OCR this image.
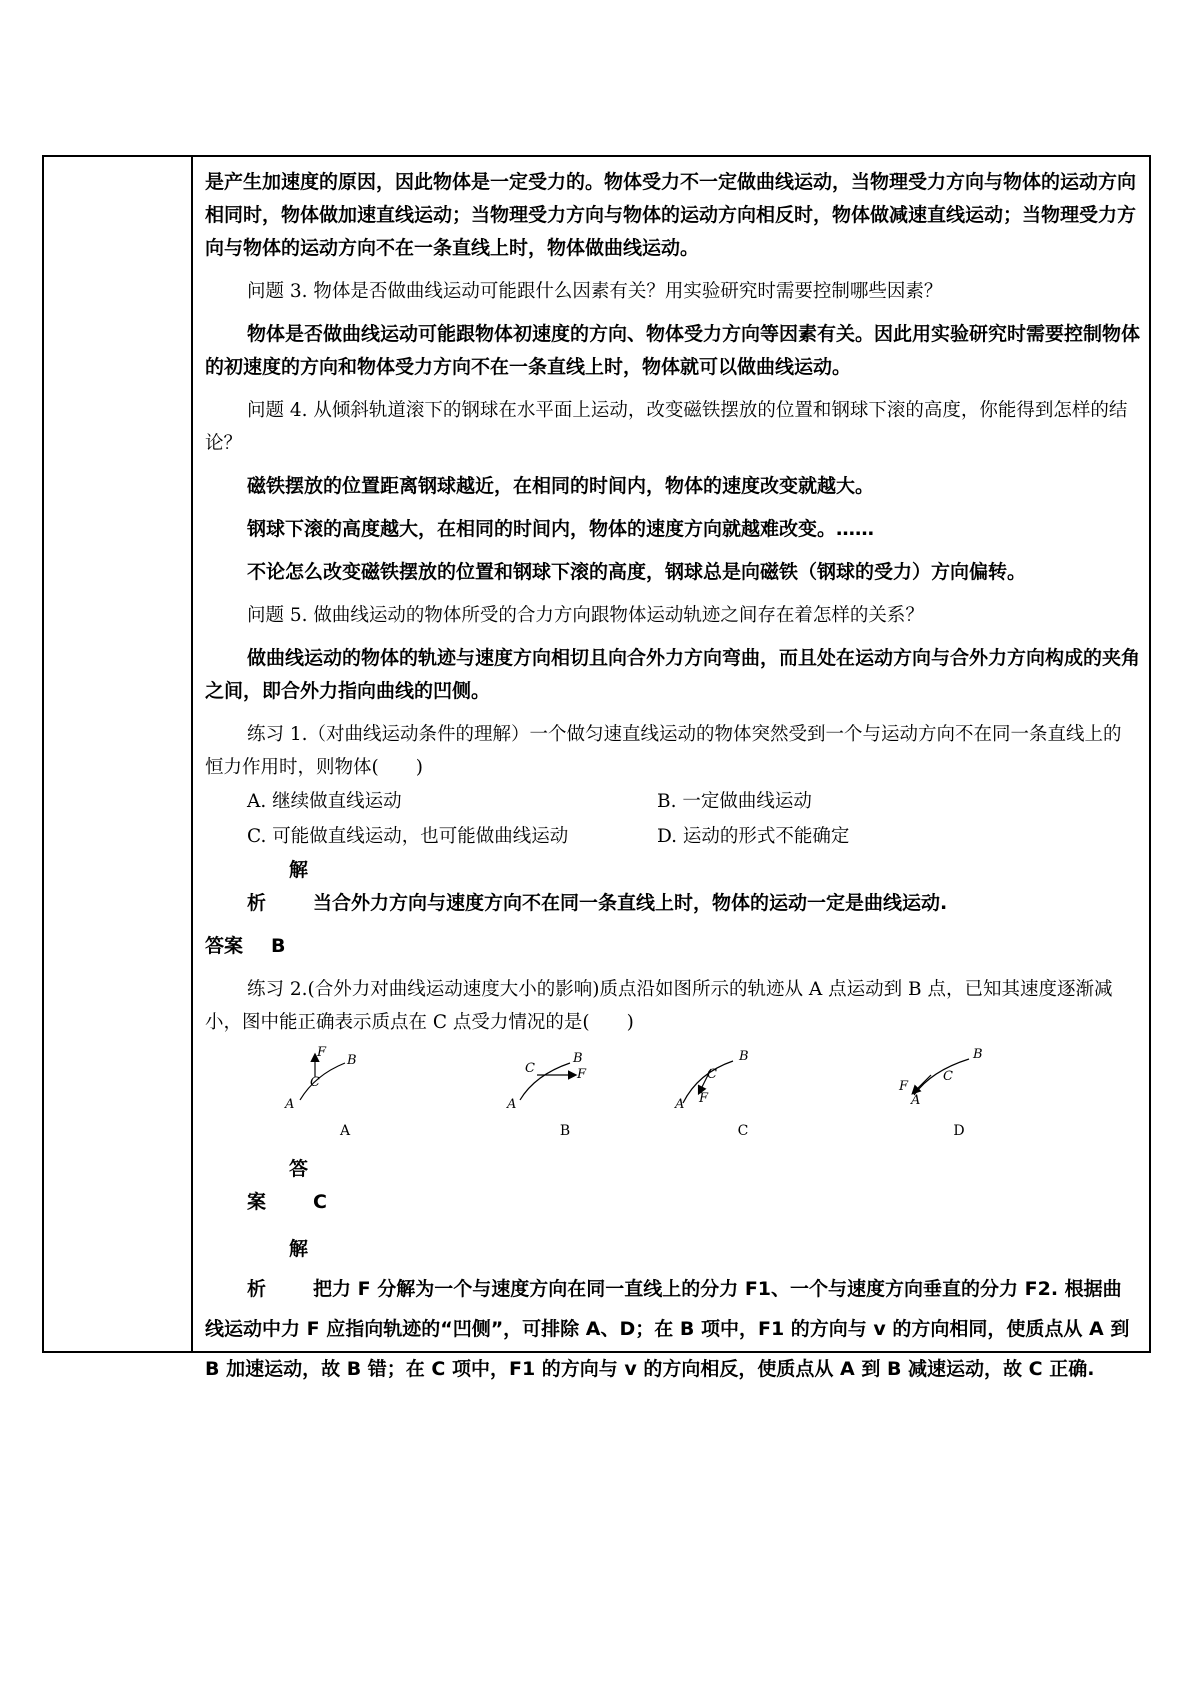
是产生加速度的原因，因此物体是一定受力的。物体受力不一定做曲线运动，当物理受力方向与物体的运动方向相同时，物体做加速直线运动；当物理受力方向与物体的运动方向相反时，物体做减速直线运动；当物理受力方向与物体的运动方向不在一条直线上时，物体做曲线运动。

问题 3. 物体是否做曲线运动可能跟什么因素有关？用实验研究时需要控制哪些因素？

物体是否做曲线运动可能跟物体初速度的方向、物体受力方向等因素有关。因此用实验研究时需要控制物体的初速度的方向和物体受力方向不在一条直线上时，物体就可以做曲线运动。

问题 4. 从倾斜轨道滚下的钢球在水平面上运动，改变磁铁摆放的位置和钢球下滚的高度，你能得到怎样的结论？

磁铁摆放的位置距离钢球越近，在相同的时间内，物体的速度改变就越大。

钢球下滚的高度越大，在相同的时间内，物体的速度方向就越难改变。……

不论怎么改变磁铁摆放的位置和钢球下滚的高度，钢球总是向磁铁（钢球的受力）方向偏转。

问题 5. 做曲线运动的物体所受的合力方向跟物体运动轨迹之间存在着怎样的关系？

做曲线运动的物体的轨迹与速度方向相切且向合外力方向弯曲，而且处在运动方向与合外力方向构成的夹角之间，即合外力指向曲线的凹侧。

练习 1.（对曲线运动条件的理解）一个做匀速直线运动的物体突然受到一个与运动方向不在同一条直线上的恒力作用时，则物体(　　)

A. 继续做直线运动	B. 一定做曲线运动
C. 可能做直线运动，也可能做曲线运动	D. 运动的形式不能确定

解析 当合外力方向与速度方向不在同一条直线上时，物体的运动一定是曲线运动.

答案 B

练习 2.(合外力对曲线运动速度大小的影响)质点沿如图所示的轨迹从 A 点运动到 B 点，已知其速度逐渐减小，图中能正确表示质点在 C 点受力情况的是(　　)

F
B
C
A
A
C
B
F
A
B
B
C
F
A
C
B
C
F
A
D

答案 C

解析 把力 F 分解为一个与速度方向在同一直线上的分力 F1、一个与速度方向垂直的分力 F2. 根据曲线运动中力 F 应指向轨迹的“凹侧”，可排除 A、D；在 B 项中，F1 的方向与 v 的方向相同，使质点从 A 到 B 加速运动，故 B 错；在 C 项中，F1 的方向与 v 的方向相反，使质点从 A 到 B 减速运动，故 C 正确.
